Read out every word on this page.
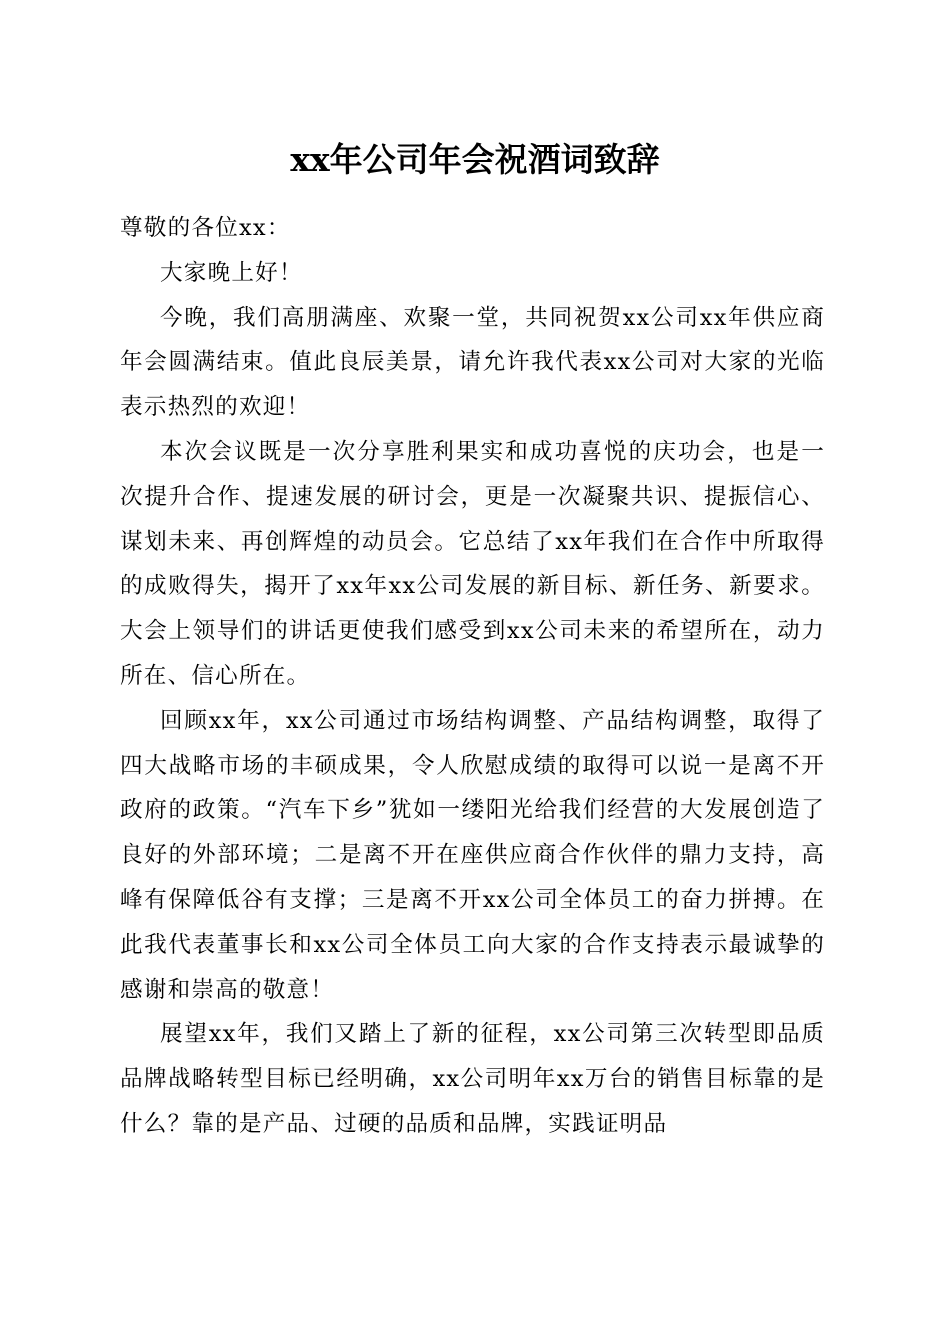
xx年公司年会祝酒词致辞

尊敬的各位xx：

大家晚上好！

今晚，我们高朋满座、欢聚一堂，共同祝贺xx公司xx年供应商年会圆满结束。值此良辰美景，请允许我代表xx公司对大家的光临表示热烈的欢迎！

本次会议既是一次分享胜利果实和成功喜悦的庆功会，也是一次提升合作、提速发展的研讨会，更是一次凝聚共识、提振信心、谋划未来、再创辉煌的动员会。它总结了xx年我们在合作中所取得的成败得失，揭开了xx年xx公司发展的新目标、新任务、新要求。大会上领导们的讲话更使我们感受到xx公司未来的希望所在，动力所在、信心所在。

回顾xx年，xx公司通过市场结构调整、产品结构调整，取得了四大战略市场的丰硕成果，令人欣慰成绩的取得可以说一是离不开政府的政策。“汽车下乡”犹如一缕阳光给我们经营的大发展创造了良好的外部环境；二是离不开在座供应商合作伙伴的鼎力支持，高峰有保障低谷有支撑；三是离不开xx公司全体员工的奋力拼搏。在此我代表董事长和xx公司全体员工向大家的合作支持表示最诚挚的感谢和崇高的敬意！

展望xx年，我们又踏上了新的征程，xx公司第三次转型即品质品牌战略转型目标已经明确，xx公司明年xx万台的销售目标靠的是什么？靠的是产品、过硬的品质和品牌，实践证明品
